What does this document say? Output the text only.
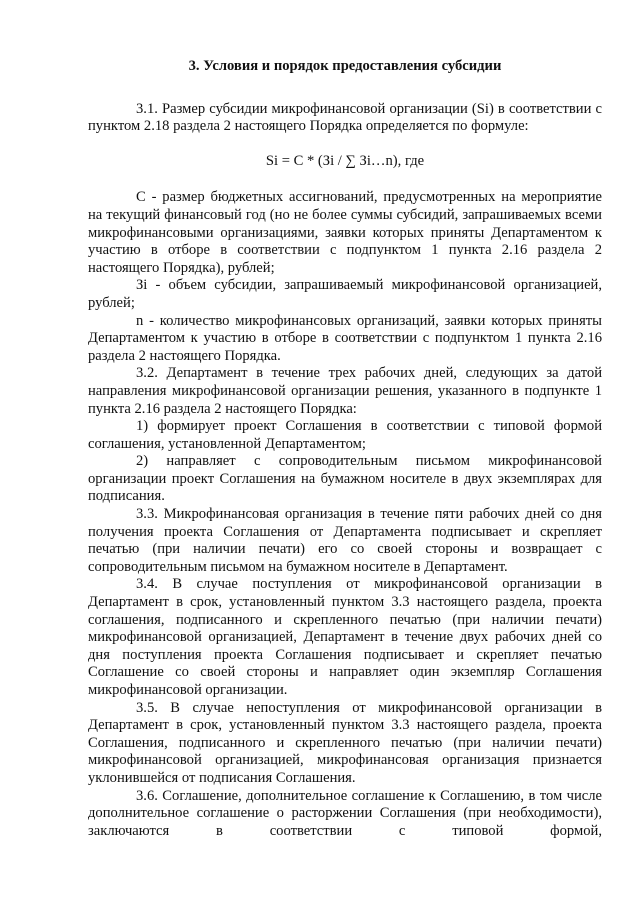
3. Условия и порядок предоставления субсидии

3.1. Размер субсидии микрофинансовой организации (Si) в соответствии с пунктом 2.18 раздела 2 настоящего Порядка определяется по формуле:

Si = C * (Зi / ∑ Зi…n), где

C - размер бюджетных ассигнований, предусмотренных на мероприятие на текущий финансовый год (но не более суммы субсидий, запрашиваемых всеми микрофинансовыми организациями, заявки которых приняты Департаментом к участию в отборе в соответствии с подпунктом 1 пункта 2.16 раздела 2 настоящего Порядка), рублей;

Зi - объем субсидии, запрашиваемый микрофинансовой организацией, рублей;

n - количество микрофинансовых организаций, заявки которых приняты Департаментом к участию в отборе в соответствии с подпунктом 1 пункта 2.16 раздела 2 настоящего Порядка.

3.2. Департамент в течение трех рабочих дней, следующих за датой направления микрофинансовой организации решения, указанного в подпункте 1 пункта 2.16 раздела 2 настоящего Порядка:

1) формирует проект Соглашения в соответствии с типовой формой соглашения, установленной Департаментом;

2) направляет с сопроводительным письмом микрофинансовой организации проект Соглашения на бумажном носителе в двух экземплярах для подписания.

3.3. Микрофинансовая организация в течение пяти рабочих дней со дня получения проекта Соглашения от Департамента подписывает и скрепляет печатью (при наличии печати) его со своей стороны и возвращает с сопроводительным письмом на бумажном носителе в Департамент.

3.4. В случае поступления от микрофинансовой организации в Департамент в срок, установленный пунктом 3.3 настоящего раздела, проекта соглашения, подписанного и скрепленного печатью (при наличии печати) микрофинансовой организацией, Департамент в течение двух рабочих дней со дня поступления проекта Соглашения подписывает и скрепляет печатью Соглашение со своей стороны и направляет один экземпляр Соглашения микрофинансовой организации.

3.5. В случае непоступления от микрофинансовой организации в Департамент в срок, установленный пунктом 3.3 настоящего раздела, проекта Соглашения, подписанного и скрепленного печатью (при наличии печати) микрофинансовой организацией, микрофинансовая организация признается уклонившейся от подписания Соглашения.

3.6. Соглашение, дополнительное соглашение к Соглашению, в том числе дополнительное соглашение о расторжении Соглашения (при необходимости), заключаются в соответствии с типовой формой,
